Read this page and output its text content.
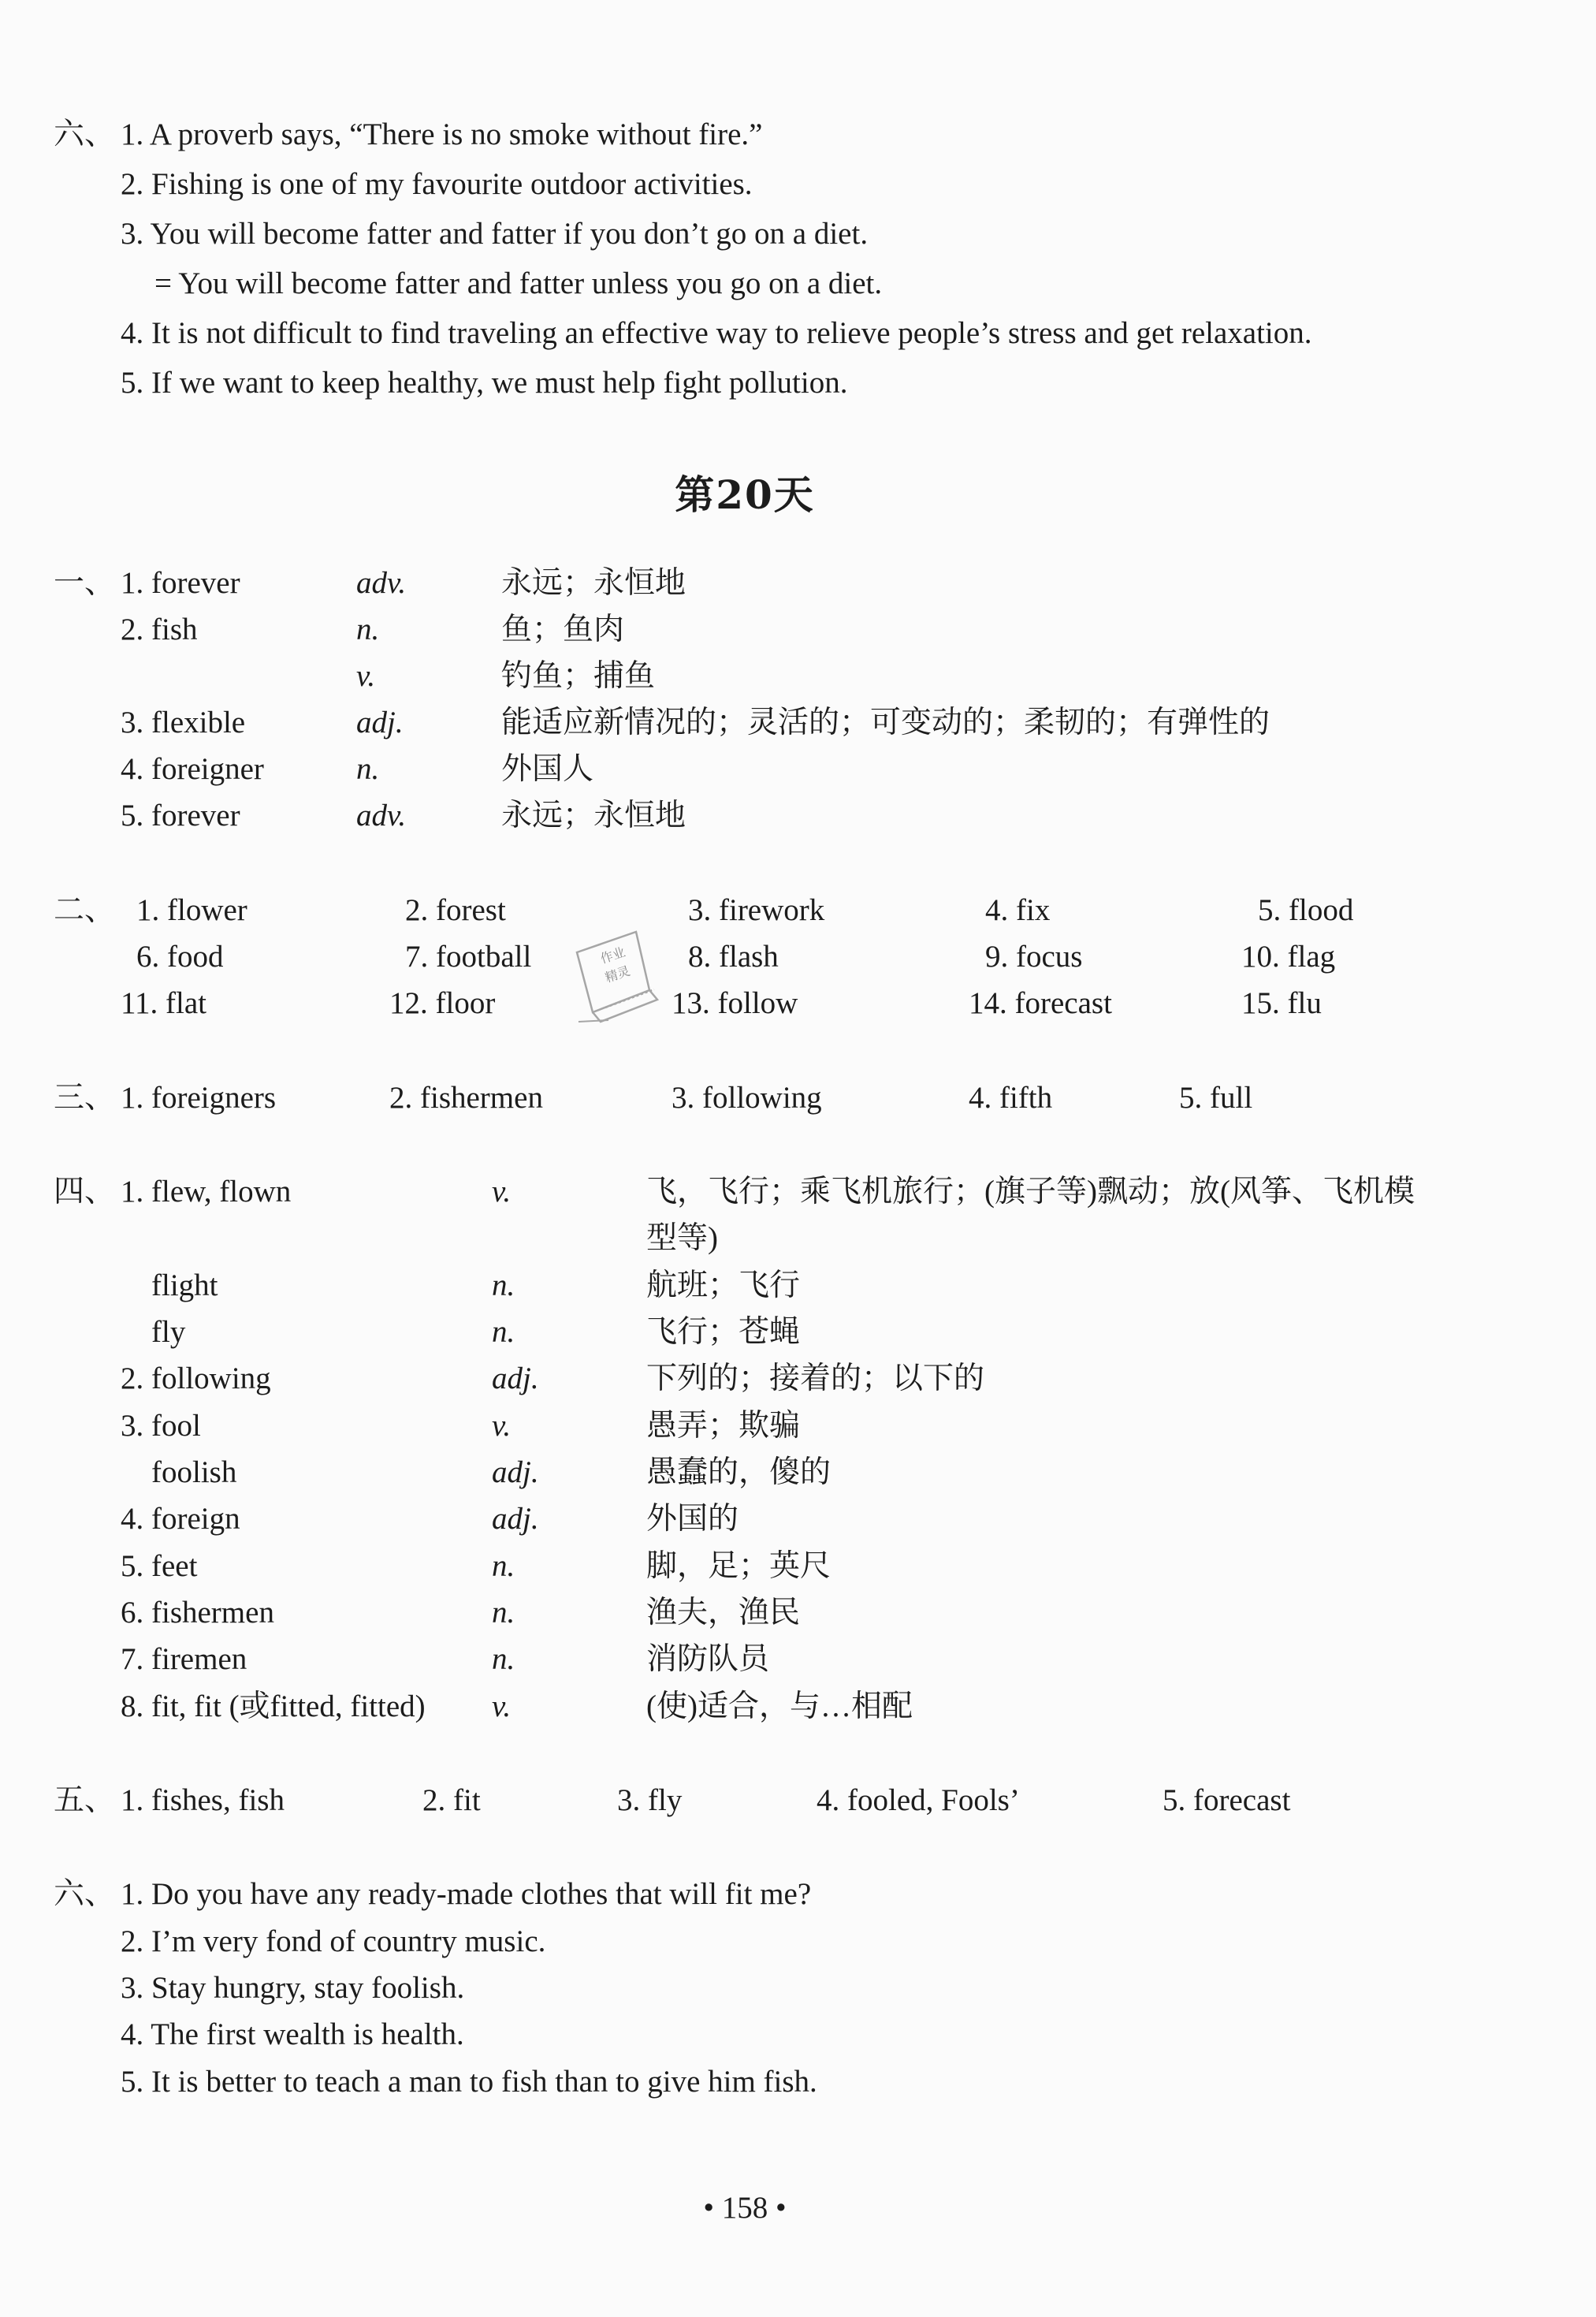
六、 1. A proverb says, “There is no smoke without fire.”
2. Fishing is one of my favourite outdoor activities.
3. You will become fatter and fatter if you don’t go on a diet.
= You will become fatter and fatter unless you go on a diet.
4. It is not difficult to find traveling an effective way to relieve people’s stress and get relaxation.
5. If we want to keep healthy, we must help fight pollution.
第20天
一、 1. forever	adv.	永远；永恒地
2. fish	n.	鱼；鱼肉
v.	钓鱼；捕鱼
3. flexible	adj.	能适应新情况的；灵活的；可变动的；柔韧的；有弹性的
4. foreigner	n.	外国人
5. forever	adv.	永远；永恒地
二、 1. flower	2. forest	3. firework	4. fix	5. flood
6. food	7. football	8. flash	9. focus	10. flag
11. flat	12. floor	13. follow	14. forecast	15. flu
作业
精灵
三、 1. foreigners	2. fishermen	3. following	4. fifth	5. full
四、 1. flew, flown	v.	飞，飞行；乘飞机旅行；(旗子等)飘动；放(风筝、飞机模
型等)
flight	n.	航班；飞行
fly	n.	飞行；苍蝇
2. following	adj.	下列的；接着的；以下的
3. fool	v.	愚弄；欺骗
foolish	adj.	愚蠢的，傻的
4. foreign	adj.	外国的
5. feet	n.	脚，足；英尺
6. fishermen	n.	渔夫，渔民
7. firemen	n.	消防队员
8. fit, fit (或fitted, fitted) v.	(使)适合，与…相配
五、 1. fishes, fish	2. fit	3. fly	4. fooled, Fools’	5. forecast
六、 1. Do you have any ready-made clothes that will fit me?
2. I’m very fond of country music.
3. Stay hungry, stay foolish.
4. The first wealth is health.
5. It is better to teach a man to fish than to give him fish.
• 158 •
